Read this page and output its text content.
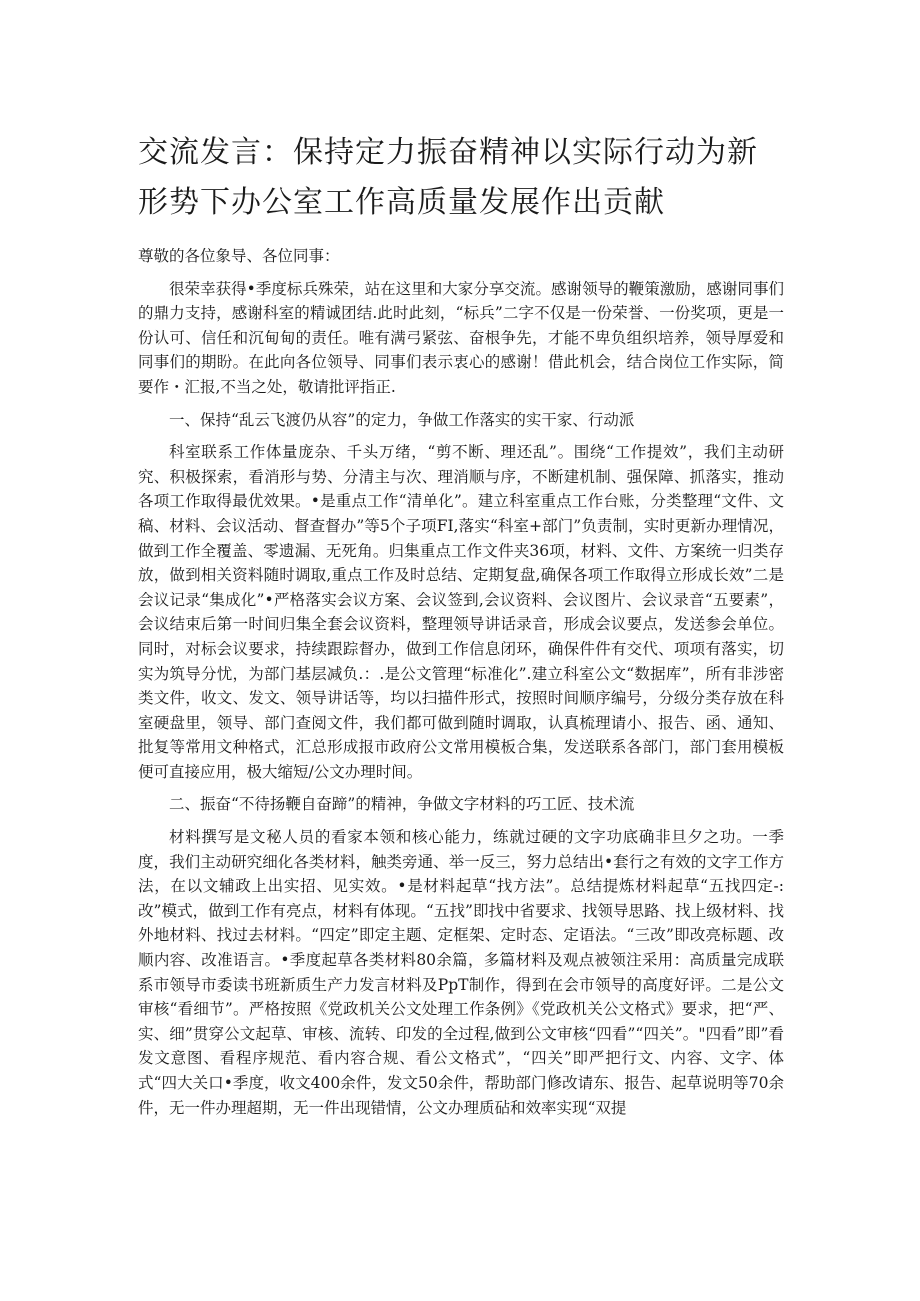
交流发言：保持定力振奋精神以实际行动为新形势下办公室工作高质量发展作出贡献

尊敬的各位象导、各位同事：

很荣幸获得•季度标兵殊荣，站在这里和大家分享交流。感谢领导的鞭策激励，感谢同事们的鼎力支持，感谢科室的精诚团结.此时此刻，“标兵”二字不仅是一份荣誉、一份奖项，更是一份认可、信任和沉甸甸的责任。唯有满弓紧弦、奋根争先，才能不卑负组织培养，领导厚爱和同事们的期盼。在此向各位领导、同事们表示衷心的感谢！借此机会，结合岗位工作实际，简要作・汇报,不当之处，敬请批评指正.

一、保持“乱云飞渡仍从容”的定力，争做工作落实的实干家、行动派

科室联系工作体量庞杂、千头万绪，“剪不断、理还乱”。围绕“工作提效”，我们主动研究、积极探索，看消形与势、分清主与次、理消顺与序，不断建机制、强保障、抓落实，推动各项工作取得最优效果。•是重点工作“清单化”。建立科室重点工作台账，分类整理“文件、文稿、材料、会议活动、督查督办”等5个子项FI,落实“科室+部门”负责制，实时更新办理情况，做到工作全覆盖、零遗漏、无死角。归集重点工作文件夹36项，材料、文件、方案统一归类存放，做到相关资料随时调取,重点工作及时总结、定期复盘,确保各项工作取得立形成长效”二是会议记录“集成化”•严格落实会议方案、会议签到,会议资料、会议图片、会议录音“五要素”，会议结束后第一时间归集全套会议资料，整理领导讲话录音，形成会议要点，发送参会单位。同时，对标会议要求，持续跟踪督办，做到工作信息闭环，确保件件有交代、项项有落实，切实为筑导分忧，为部门基层减负.：.是公文管理“标准化”.建立科室公文“数据库”，所有非涉密类文件，收文、发文、领导讲话等，均以扫描件形式，按照时间顺序编号，分级分类存放在科室硬盘里，领导、部门查阅文件，我们都可做到随时调取，认真梳理请小、报告、函、通知、批复等常用文种格式，汇总形成报市政府公文常用模板合集，发送联系各部门，部门套用模板便可直接应用，极大缩短/公文办理时间。

二、振奋“不待扬鞭自奋蹄”的精神，争做文字材料的巧工匠、技术流

材料撰写是文秘人员的看家本领和核心能力，练就过硬的文字功底确非旦夕之功。一季度，我们主动研究细化各类材料，触类旁通、举一反三，努力总结出•套行之有效的文字工作方法，在以文辅政上出实招、见实效。•是材料起草“找方法”。总结提炼材料起草“五找四定-:改”模式，做到工作有亮点，材料有体现。“五找”即找中省要求、找领导思路、找上级材料、找外地材料、找过去材料。“四定”即定主题、定框架、定时态、定语法。“三改”即改亮标题、改顺内容、改准语言。•季度起草各类材料80余篇，多篇材料及观点被领注采用：高质量完成联系市领导市委读书班新质生产力发言材料及PpT制作，得到在会市领导的高度好评。二是公文审核“看细节”。严格按照《党政机关公文处理工作条例》《党政机关公文格式》要求，把“严、实、细”贯穿公文起草、审核、流转、印发的全过程,做到公文审核“四看”“四关”。"四看”即”看发文意图、看程序规范、看内容合规、看公文格式”，“四关”即严把行文、内容、文字、体式“四大关口•季度，收文400余件，发文50余件，帮助部门修改请东、报告、起草说明等70余件，无一件办理超期，无一件出现错情，公文办理质砧和效率实现“双提
